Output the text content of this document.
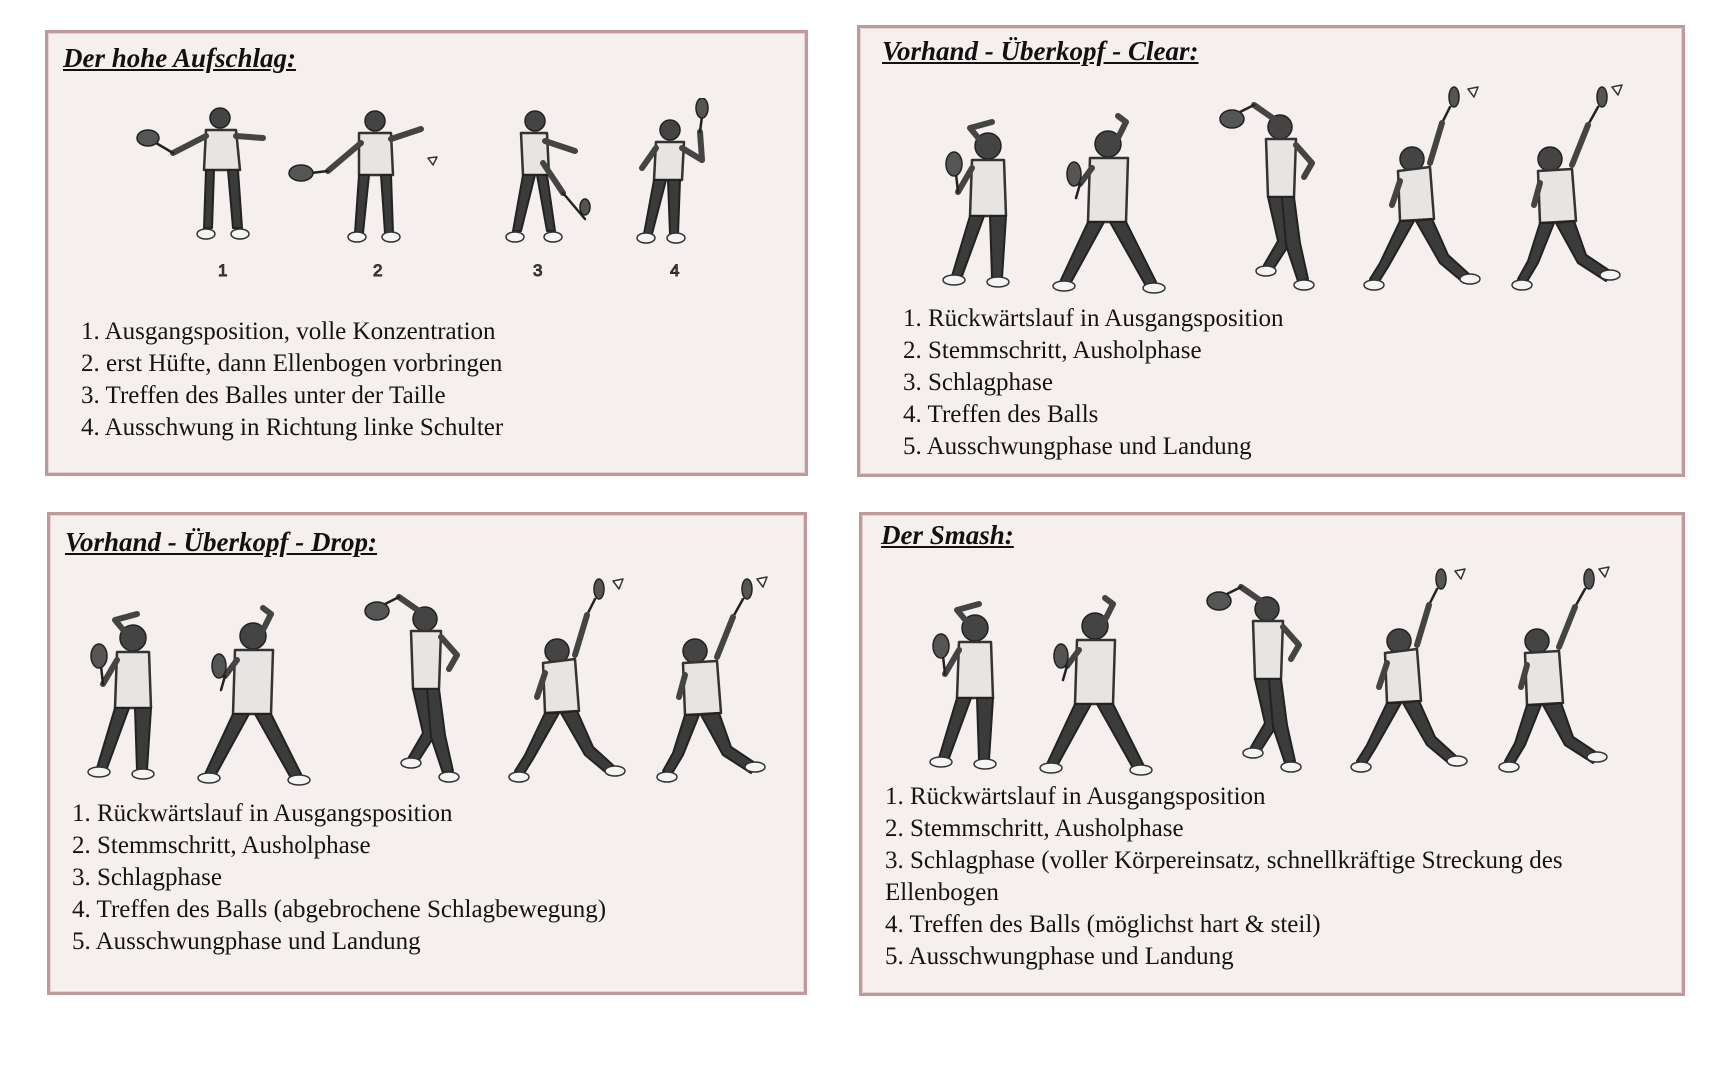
Der hohe Aufschlag:
1	2	3	4
1. Ausgangsposition, volle Konzentration
2. erst Hüfte, dann Ellenbogen vorbringen
3. Treffen des Balles unter der Taille
4. Ausschwung in Richtung linke Schulter
Vorhand - Überkopf - Clear:
1. Rückwärtslauf in Ausgangsposition
2. Stemmschritt, Ausholphase
3. Schlagphase
4. Treffen des Balls
5. Ausschwungphase und Landung
Vorhand - Überkopf - Drop:
1. Rückwärtslauf in Ausgangsposition
2. Stemmschritt, Ausholphase
3. Schlagphase
4. Treffen des Balls (abgebrochene Schlagbewegung)
5. Ausschwungphase und Landung
Der Smash:
1. Rückwärtslauf in Ausgangsposition
2. Stemmschritt, Ausholphase
3. Schlagphase (voller Körpereinsatz, schnellkräftige Streckung des
Ellenbogen
4. Treffen des Balls (möglichst hart & steil)
5. Ausschwungphase und Landung
